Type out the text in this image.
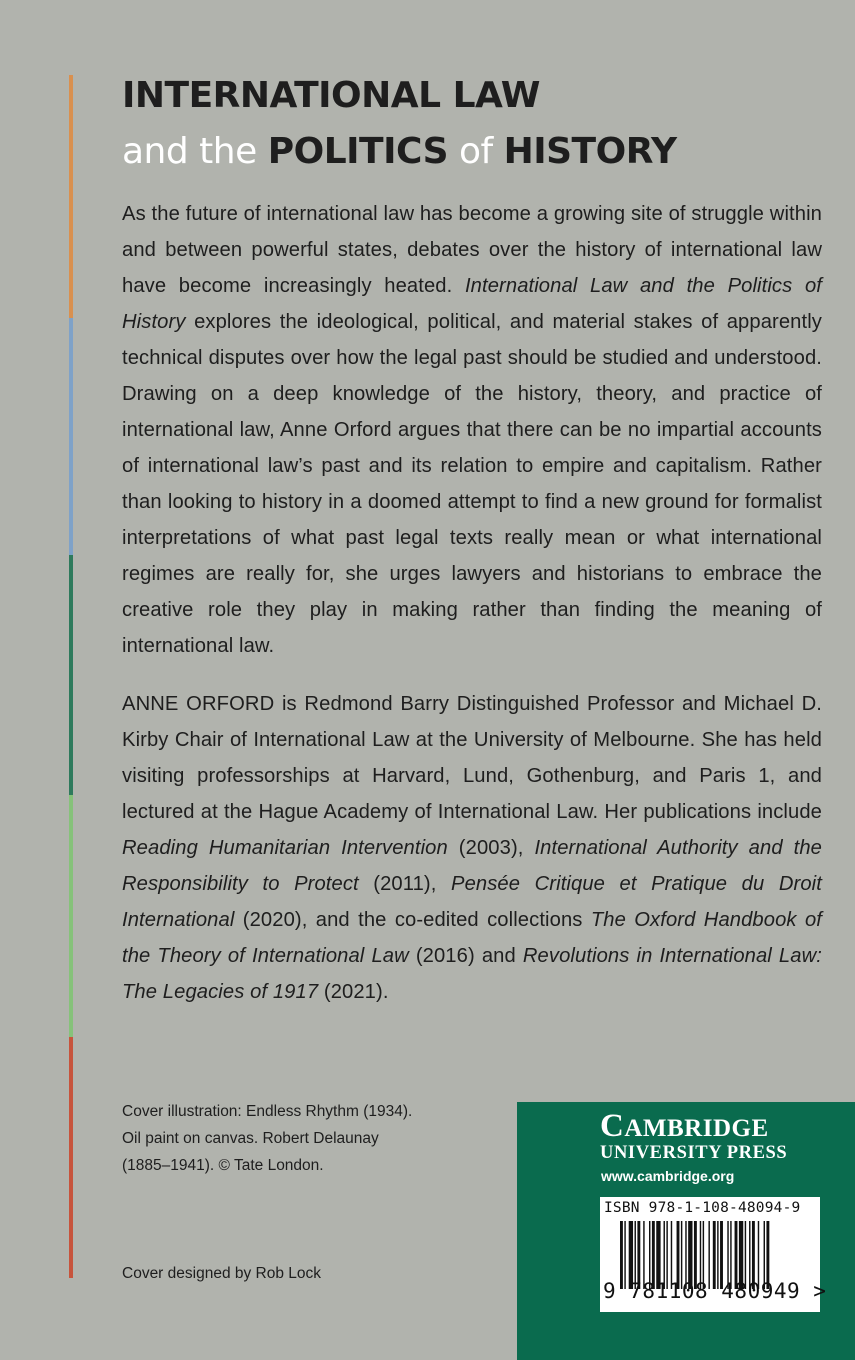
INTERNATIONAL LAW
and the POLITICS of HISTORY

As the future of international law has become a growing site of struggle within and between powerful states, debates over the history of international law have become increasingly heated. International Law and the Politics of History explores the ideological, political, and material stakes of apparently technical disputes over how the legal past should be studied and understood. Drawing on a deep knowledge of the history, theory, and practice of international law, Anne Orford argues that there can be no impartial accounts of international law’s past and its relation to empire and capitalism. Rather than looking to history in a doomed attempt to find a new ground for formalist interpretations of what past legal texts really mean or what international regimes are really for, she urges lawyers and historians to embrace the creative role they play in making rather than finding the meaning of international law.

ANNE ORFORD is Redmond Barry Distinguished Professor and Michael D. Kirby Chair of International Law at the University of Melbourne. She has held visiting professorships at Harvard, Lund, Gothenburg, and Paris 1, and lectured at the Hague Academy of International Law. Her publications include Reading Humanitarian Intervention (2003), International Authority and the Responsibility to Protect (2011), Pensée Critique et Pratique du Droit International (2020), and the co-edited collections The Oxford Handbook of the Theory of International Law (2016) and Revolutions in International Law: The Legacies of 1917 (2021).

Cover illustration: Endless Rhythm (1934).
Oil paint on canvas. Robert Delaunay
(1885–1941). © Tate London.
Cover designed by Rob Lock
CAMBRIDGE
UNIVERSITY PRESS
www.cambridge.org
ISBN 978-1-108-48094-9
9 781108 480949 >
